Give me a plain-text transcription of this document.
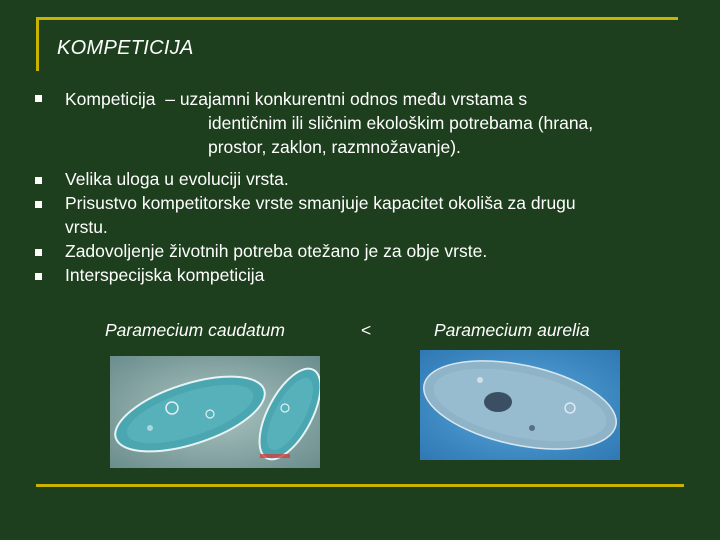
KOMPETICIJA
Kompeticija – uzajamni konkurentni odnos među vrstama s
identičnim ili sličnim ekološkim potrebama (hrana,
prostor, zaklon, razmnožavanje).
Velika uloga u evoluciji vrsta.
Prisustvo kompetitorske vrste smanjuje kapacitet okoliša za drugu
vrstu.
Zadovoljenje životnih potreba otežano je za obje vrste.
Interspecijska kompeticija
Paramecium caudatum	<	Paramecium aurelia
